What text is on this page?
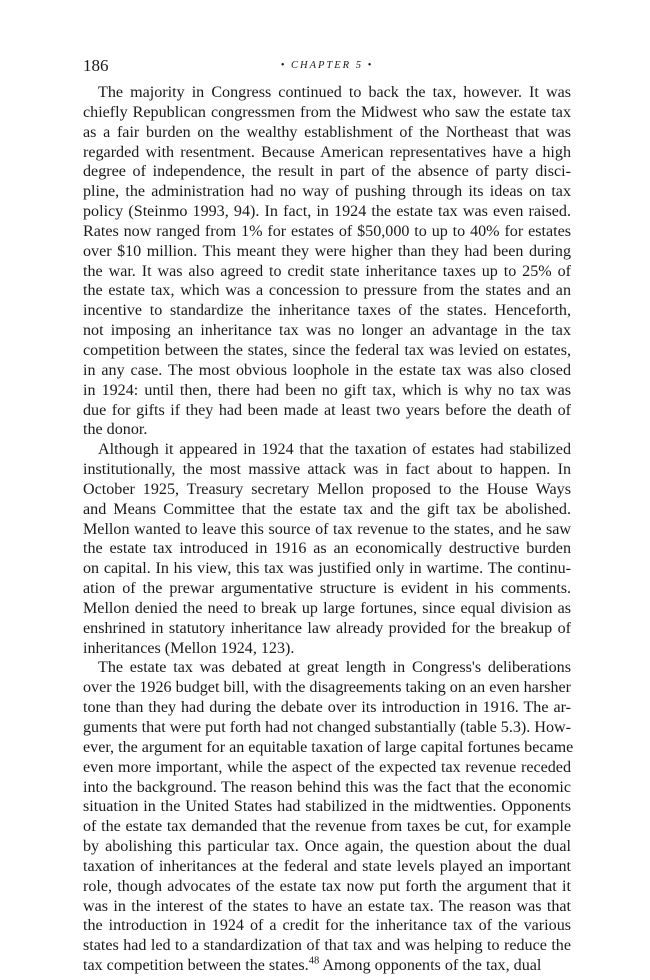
186	• CHAPTER 5 •
The majority in Congress continued to back the tax, however. It was
chiefly Republican congressmen from the Midwest who saw the estate tax
as a fair burden on the wealthy establishment of the Northeast that was
regarded with resentment. Because American representatives have a high
degree of independence, the result in part of the absence of party disci-
pline, the administration had no way of pushing through its ideas on tax
policy (Steinmo 1993, 94). In fact, in 1924 the estate tax was even raised.
Rates now ranged from 1% for estates of $50,000 to up to 40% for estates
over $10 million. This meant they were higher than they had been during
the war. It was also agreed to credit state inheritance taxes up to 25% of
the estate tax, which was a concession to pressure from the states and an
incentive to standardize the inheritance taxes of the states. Henceforth,
not imposing an inheritance tax was no longer an advantage in the tax
competition between the states, since the federal tax was levied on estates,
in any case. The most obvious loophole in the estate tax was also closed
in 1924: until then, there had been no gift tax, which is why no tax was
due for gifts if they had been made at least two years before the death of
the donor.
Although it appeared in 1924 that the taxation of estates had stabilized
institutionally, the most massive attack was in fact about to happen. In
October 1925, Treasury secretary Mellon proposed to the House Ways
and Means Committee that the estate tax and the gift tax be abolished.
Mellon wanted to leave this source of tax revenue to the states, and he saw
the estate tax introduced in 1916 as an economically destructive burden
on capital. In his view, this tax was justified only in wartime. The continu-
ation of the prewar argumentative structure is evident in his comments.
Mellon denied the need to break up large fortunes, since equal division as
enshrined in statutory inheritance law already provided for the breakup of
inheritances (Mellon 1924, 123).
The estate tax was debated at great length in Congress's deliberations
over the 1926 budget bill, with the disagreements taking on an even harsher
tone than they had during the debate over its introduction in 1916. The ar-
guments that were put forth had not changed substantially (table 5.3). How-
ever, the argument for an equitable taxation of large capital fortunes became
even more important, while the aspect of the expected tax revenue receded
into the background. The reason behind this was the fact that the economic
situation in the United States had stabilized in the midtwenties. Opponents
of the estate tax demanded that the revenue from taxes be cut, for example
by abolishing this particular tax. Once again, the question about the dual
taxation of inheritances at the federal and state levels played an important
role, though advocates of the estate tax now put forth the argument that it
was in the interest of the states to have an estate tax. The reason was that
the introduction in 1924 of a credit for the inheritance tax of the various
states had led to a standardization of that tax and was helping to reduce the
tax competition between the states.$^{48}$ Among opponents of the tax, dual
